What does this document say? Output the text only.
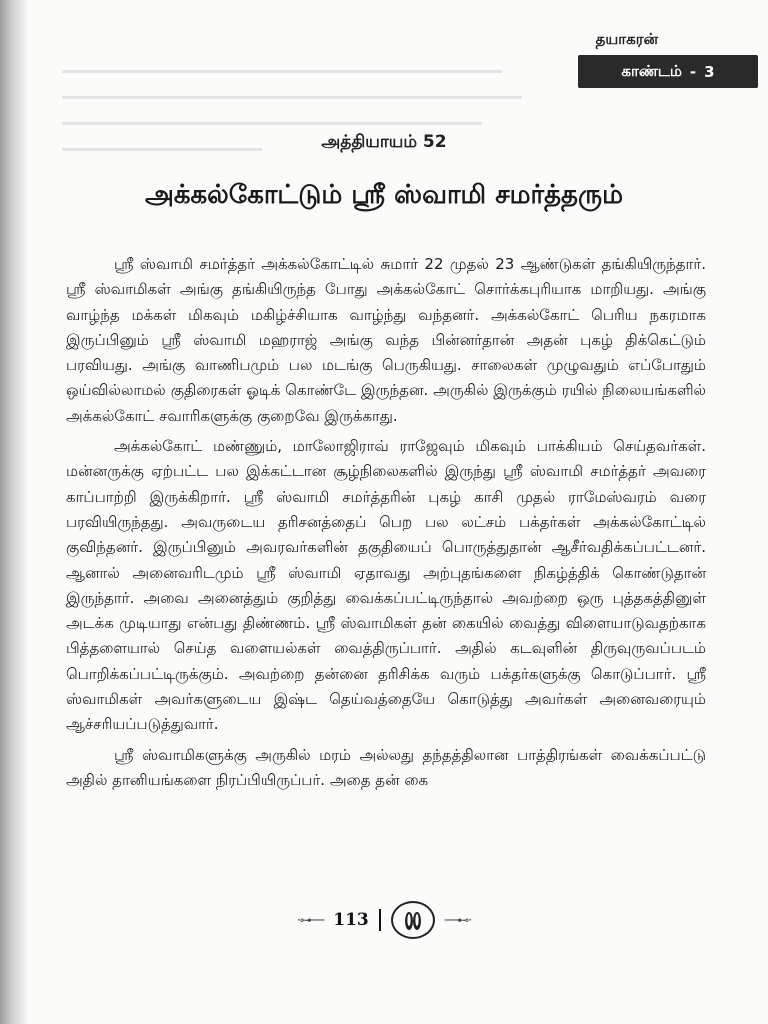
தயாகரன்
காண்டம் - 3
அத்தியாயம் 52
அக்கல்கோட்டும் ஸ்ரீ ஸ்வாமி சமர்த்தரும்

ஸ்ரீ ஸ்வாமி சமர்த்தர் அக்கல்கோட்டில் சுமார் 22 முதல் 23 ஆண்டுகள் தங்கியிருந்தார். ஸ்ரீ ஸ்வாமிகள் அங்கு தங்கியிருந்த போது அக்கல்கோட் சொர்க்கபுரியாக மாறியது. அங்கு வாழ்ந்த மக்கள் மிகவும் மகிழ்ச்சியாக வாழ்ந்து வந்தனர். அக்கல்கோட் பெரிய நகரமாக இருப்பினும் ஸ்ரீ ஸ்வாமி மஹராஜ் அங்கு வந்த பின்னர்தான் அதன் புகழ் திக்கெட்டும் பரவியது. அங்கு வாணிபமும் பல மடங்கு பெருகியது. சாலைகள் முழுவதும் எப்போதும் ஒய்வில்லாமல் குதிரைகள் ஓடிக் கொண்டே இருந்தன. அருகில் இருக்கும் ரயில் நிலையங்களில் அக்கல்கோட் சவாரிகளுக்கு குறைவே இருக்காது.

அக்கல்கோட் மண்ணும், மாலோஜிராவ் ராஜேவும் மிகவும் பாக்கியம் செய்தவர்கள். மன்னருக்கு ஏற்பட்ட பல இக்கட்டான சூழ்நிலைகளில் இருந்து ஸ்ரீ ஸ்வாமி சமர்த்தர் அவரை காப்பாற்றி இருக்கிறார். ஸ்ரீ ஸ்வாமி சமர்த்தரின் புகழ் காசி முதல் ராமேஸ்வரம் வரை பரவியிருந்தது. அவருடைய தரிசனத்தைப் பெற பல லட்சம் பக்தர்கள் அக்கல்கோட்டில் குவிந்தனர். இருப்பினும் அவரவர்களின் தகுதியைப் பொருத்துதான் ஆசீர்வதிக்கப்பட்டனர். ஆனால் அனைவரிடமும் ஸ்ரீ ஸ்வாமி ஏதாவது அற்புதங்களை நிகழ்த்திக் கொண்டுதான் இருந்தார். அவை அனைத்தும் குறித்து வைக்கப்பட்டிருந்தால் அவற்றை ஒரு புத்தகத்தினுள் அடக்க முடியாது என்பது திண்ணம். ஸ்ரீ ஸ்வாமிகள் தன் கையில் வைத்து விளையாடுவதற்காக பித்தளையால் செய்த வளையல்கள் வைத்திருப்பார். அதில் கடவுளின் திருவுருவப்படம் பொறிக்கப்பட்டிருக்கும். அவற்றை தன்னை தரிசிக்க வரும் பக்தர்களுக்கு கொடுப்பார். ஸ்ரீ ஸ்வாமிகள் அவர்களுடைய இஷ்ட தெய்வத்தையே கொடுத்து அவர்கள் அனைவரையும் ஆச்சரியப்படுத்துவார்.

ஸ்ரீ ஸ்வாமிகளுக்கு அருகில் மரம் அல்லது தந்தத்திலான பாத்திரங்கள் வைக்கப்பட்டு அதில் தானியங்களை நிரப்பியிருப்பர். அதை தன் கை

·⊶── 113	──⊷·
